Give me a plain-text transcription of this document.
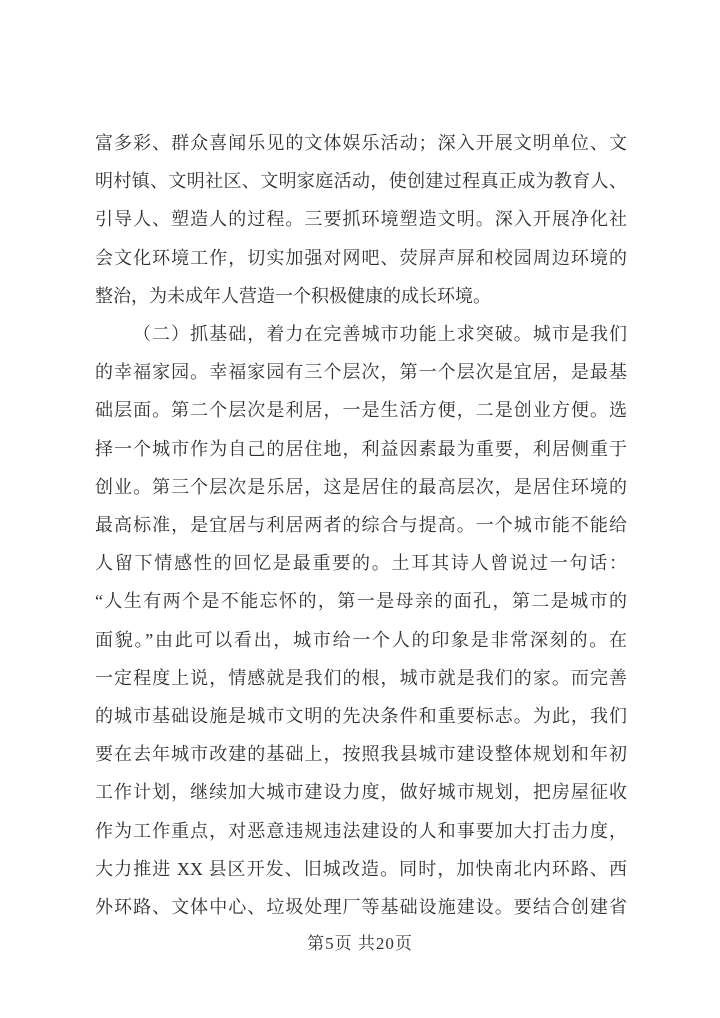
富多彩、群众喜闻乐见的文体娱乐活动；深入开展文明单位、文
明村镇、文明社区、文明家庭活动，使创建过程真正成为教育人、
引导人、塑造人的过程。三要抓环境塑造文明。深入开展净化社
会文化环境工作，切实加强对网吧、荧屏声屏和校园周边环境的
整治，为未成年人营造一个积极健康的成长环境。
（二）抓基础，着力在完善城市功能上求突破。城市是我们
的幸福家园。幸福家园有三个层次，第一个层次是宜居，是最基
础层面。第二个层次是利居，一是生活方便，二是创业方便。选
择一个城市作为自己的居住地，利益因素最为重要，利居侧重于
创业。第三个层次是乐居，这是居住的最高层次，是居住环境的
最高标准，是宜居与利居两者的综合与提高。一个城市能不能给
人留下情感性的回忆是最重要的。土耳其诗人曾说过一句话：
“人生有两个是不能忘怀的，第一是母亲的面孔，第二是城市的
面貌。”由此可以看出，城市给一个人的印象是非常深刻的。在
一定程度上说，情感就是我们的根，城市就是我们的家。而完善
的城市基础设施是城市文明的先决条件和重要标志。为此，我们
要在去年城市改建的基础上，按照我县城市建设整体规划和年初
工作计划，继续加大城市建设力度，做好城市规划，把房屋征收
作为工作重点，对恶意违规违法建设的人和事要加大打击力度，
大力推进 XX 县区开发、旧城改造。同时，加快南北内环路、西
外环路、文体中心、垃圾处理厂等基础设施建设。要结合创建省
第5页 共20页
